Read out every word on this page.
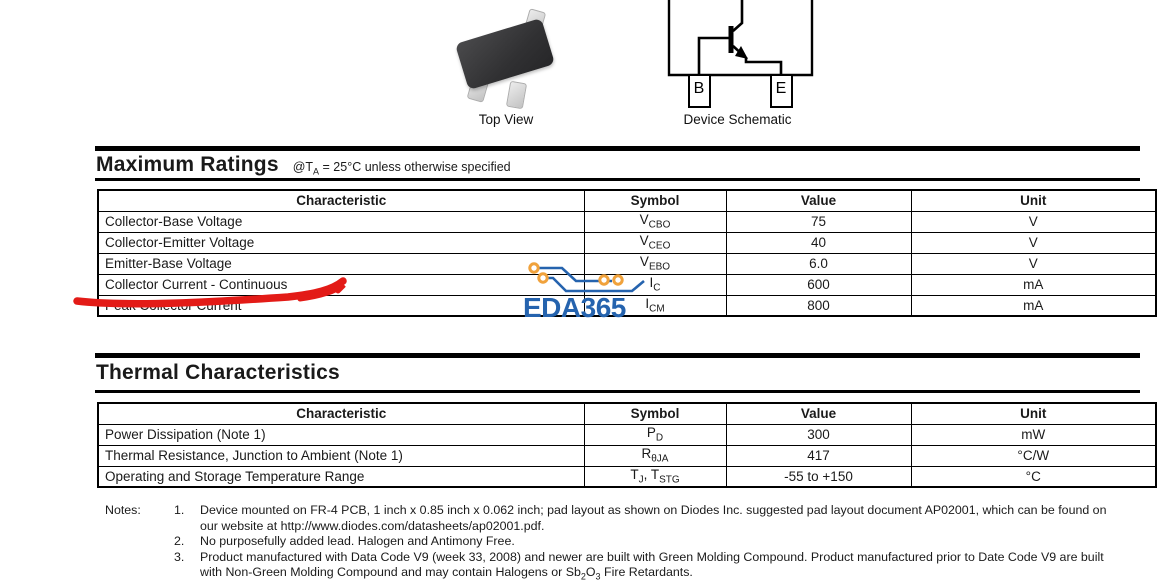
Top View
B	E
Device Schematic
Maximum Ratings $@T_A = 25^\circ C$ unless otherwise specified
Characteristic	Symbol	Value	Unit
Collector-Base Voltage	$V_{CBO}$	75	V
Collector-Emitter Voltage	$V_{CEO}$	40	V
Emitter-Base Voltage	$V_{EBO}$	6.0	V
Collector Current - Continuous	$I_C$	600	mA
Peak Collector Current	$I_{CM}$	800	mA
EDA365
Thermal Characteristics
Characteristic	Symbol	Value	Unit
Power Dissipation (Note 1)	$P_D$	300	mW
Thermal Resistance, Junction to Ambient (Note 1)	$R_{\theta JA}$	417	°C/W
Operating and Storage Temperature Range	$T_J$, $T_{STG}$	-55 to +150	°C
Notes:	1.	Device mounted on FR-4 PCB, 1 inch x 0.85 inch x 0.062 inch; pad layout as shown on Diodes Inc. suggested pad layout document AP02001, which can be found on our website at http://www.diodes.com/datasheets/ap02001.pdf.
2.	No purposefully added lead. Halogen and Antimony Free.
3.	Product manufactured with Data Code V9 (week 33, 2008) and newer are built with Green Molding Compound. Product manufactured prior to Date Code V9 are built with Non-Green Molding Compound and may contain Halogens or $Sb_2O_3$ Fire Retardants.
